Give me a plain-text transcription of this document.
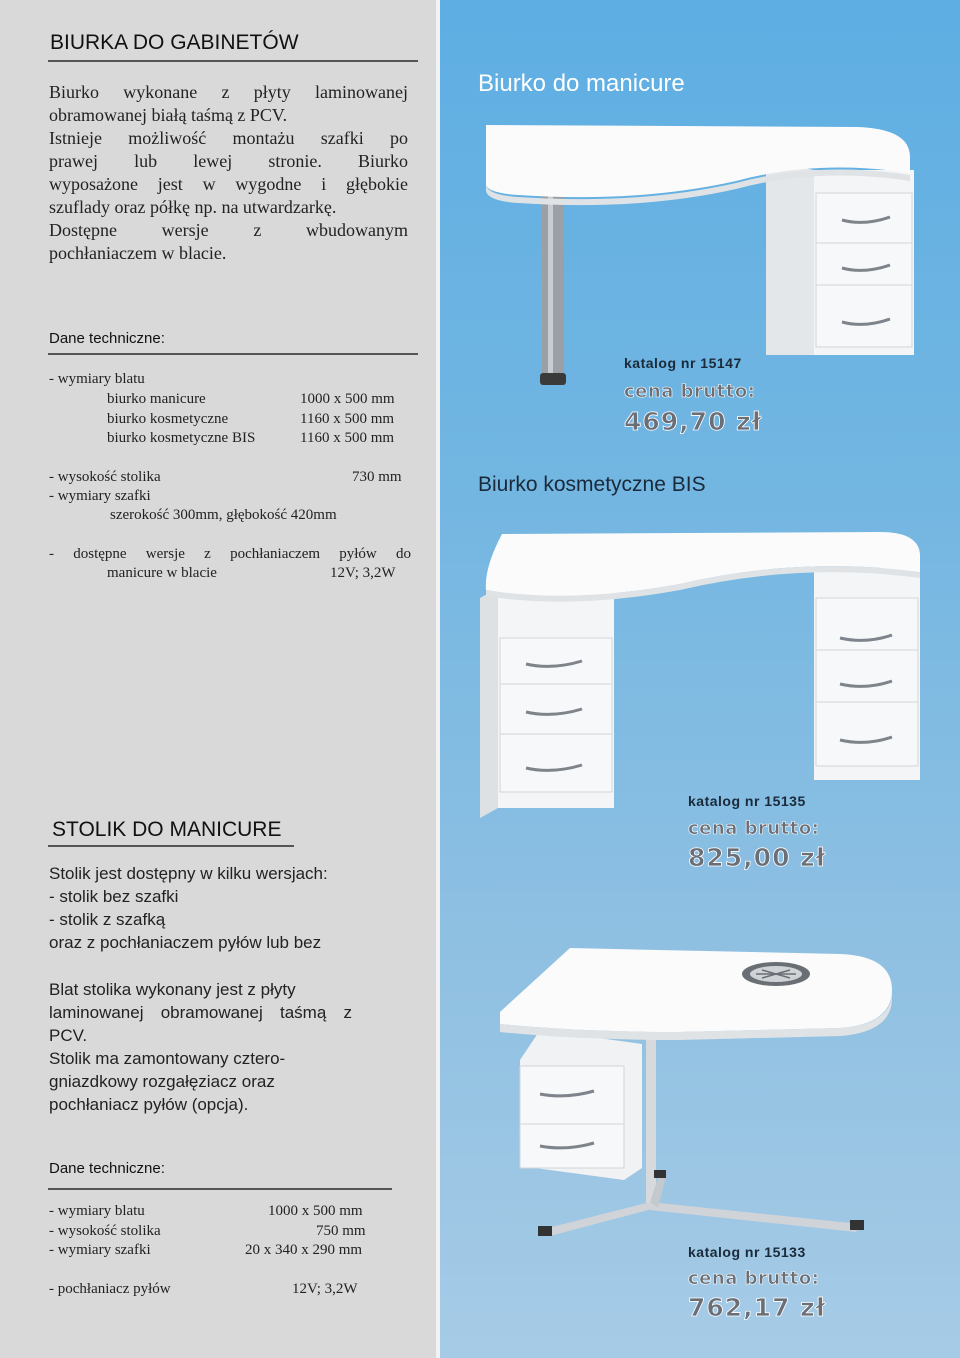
BIURKA DO GABINETÓW
Biurko wykonane z płyty laminowanej
obramowanej białą taśmą z PCV.
Istnieje możliwość montażu szafki po
prawej lub lewej stronie. Biurko
wyposażone jest w wygodne i głębokie
szuflady oraz półkę np. na utwardzarkę.
Dostępne wersje z wbudowanym
pochłaniaczem w blacie.
Dane techniczne:
- wymiary blatu
biurko manicure	1000 x 500 mm
biurko kosmetyczne	1160 x 500 mm
biurko kosmetyczne BIS	1160 x 500 mm
- wysokość stolika	730 mm
- wymiary szafki
szerokość 300mm, głębokość 420mm
- dostępne wersje z pochłaniaczem pyłów do
manicure w blacie	12V; 3,2W
STOLIK DO MANICURE
Stolik jest dostępny w kilku wersjach:
- stolik bez szafki
- stolik z szafką
oraz z pochłaniaczem pyłów lub bez
Blat stolika wykonany jest z płyty
laminowanej obramowanej taśmą z
PCV.
Stolik ma zamontowany cztero-
gniazdkowy rozgałęziacz oraz
pochłaniacz pyłów (opcja).
Dane techniczne:
- wymiary blatu	1000 x 500 mm
- wysokość stolika	750 mm
- wymiary szafki	20 x 340 x 290 mm
- pochłaniacz pyłów	12V; 3,2W
Biurko do manicure
katalog nr 15147
cena brutto:
469,70 zł
Biurko kosmetyczne BIS
katalog nr 15135
cena brutto:
825,00 zł
katalog nr 15133
cena brutto:
762,17 zł
